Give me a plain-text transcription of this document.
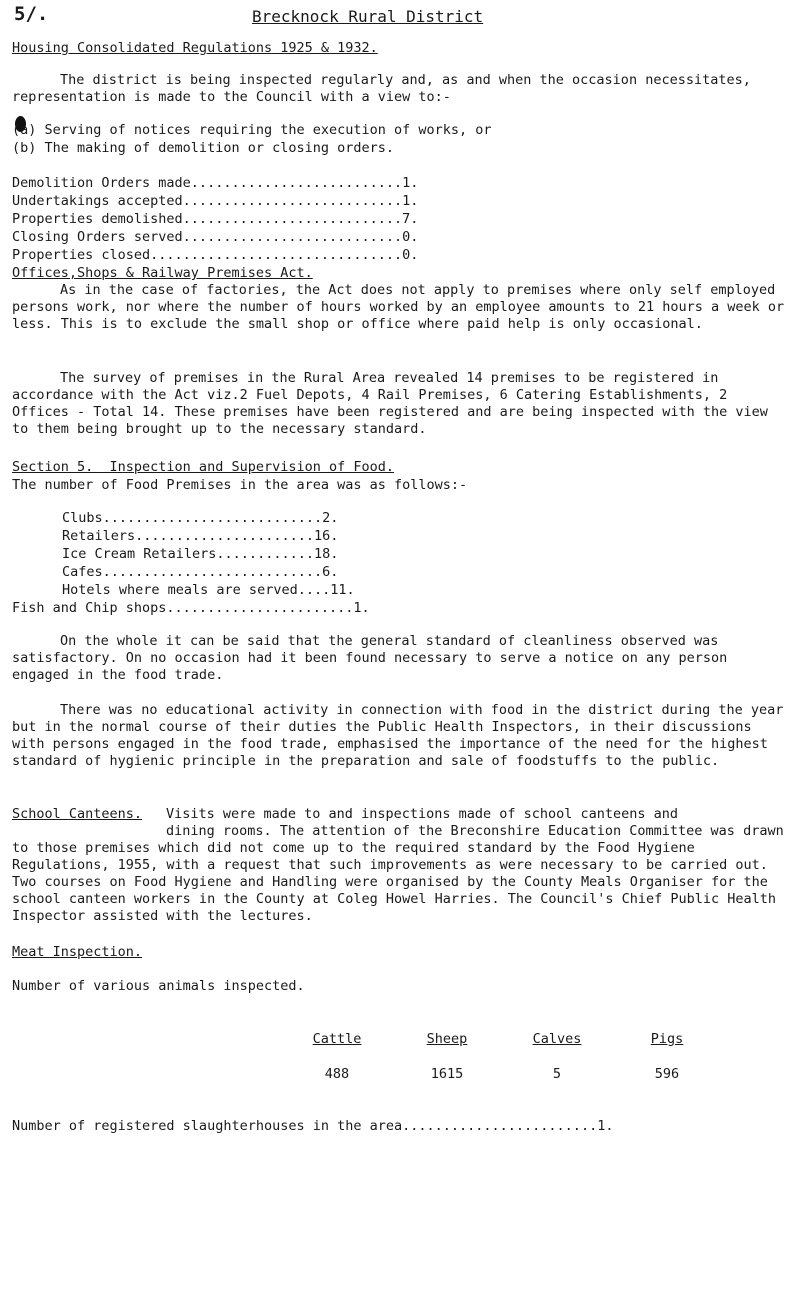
5/.	Brecknock Rural District
Housing Consolidated Regulations 1925 & 1932.
The district is being inspected regularly and, as and when the occasion necessitates, representation is made to the Council with a view to:-
(a) Serving of notices requiring the execution of works, or
(b) The making of demolition or closing orders.
Demolition Orders made..........................1.
Undertakings accepted...........................1.
Properties demolished...........................7.
Closing Orders served...........................0.
Properties closed...............................0.
Offices,Shops & Railway Premises Act.
As in the case of factories, the Act does not apply to premises where only self employed persons work, nor where the number of hours worked by an employee amounts to 21 hours a week or less. This is to exclude the small shop or office where paid help is only occasional.
The survey of premises in the Rural Area revealed 14 premises to be registered in accordance with the Act viz.2 Fuel Depots, 4 Rail Premises, 6 Catering Establishments, 2 Offices - Total 14. These premises have been registered and are being inspected with the view to them being brought up to the necessary standard.
Section 5.  Inspection and Supervision of Food.
The number of Food Premises in the area was as follows:-
Clubs...........................2.
Retailers......................16.
Ice Cream Retailers............18.
Cafes...........................6.
Hotels where meals are served....11.
Fish and Chip shops.......................1.
On the whole it can be said that the general standard of cleanliness observed was satisfactory. On no occasion had it been found necessary to serve a notice on any person engaged in the food trade.
There was no educational activity in connection with food in the district during the year but in the normal course of their duties the Public Health Inspectors, in their discussions with persons engaged in the food trade, emphasised the importance of the need for the highest standard of hygienic principle in the preparation and sale of foodstuffs to the public.
School Canteens. Visits were made to and inspections made of school canteens and
dining rooms. The attention of the Breconshire Education Committee was drawn to those premises which did not come up to the required standard by the Food Hygiene Regulations, 1955, with a request that such improvements as were necessary to be carried out. Two courses on Food Hygiene and Handling were organised by the County Meals Organiser for the school canteen workers in the County at Coleg Howel Harries. The Council's Chief Public Health Inspector assisted with the lectures.
Meat Inspection.
Number of various animals inspected.
Cattle	Sheep	Calves	Pigs
488	1615	5	596
Number of registered slaughterhouses in the area........................1.
